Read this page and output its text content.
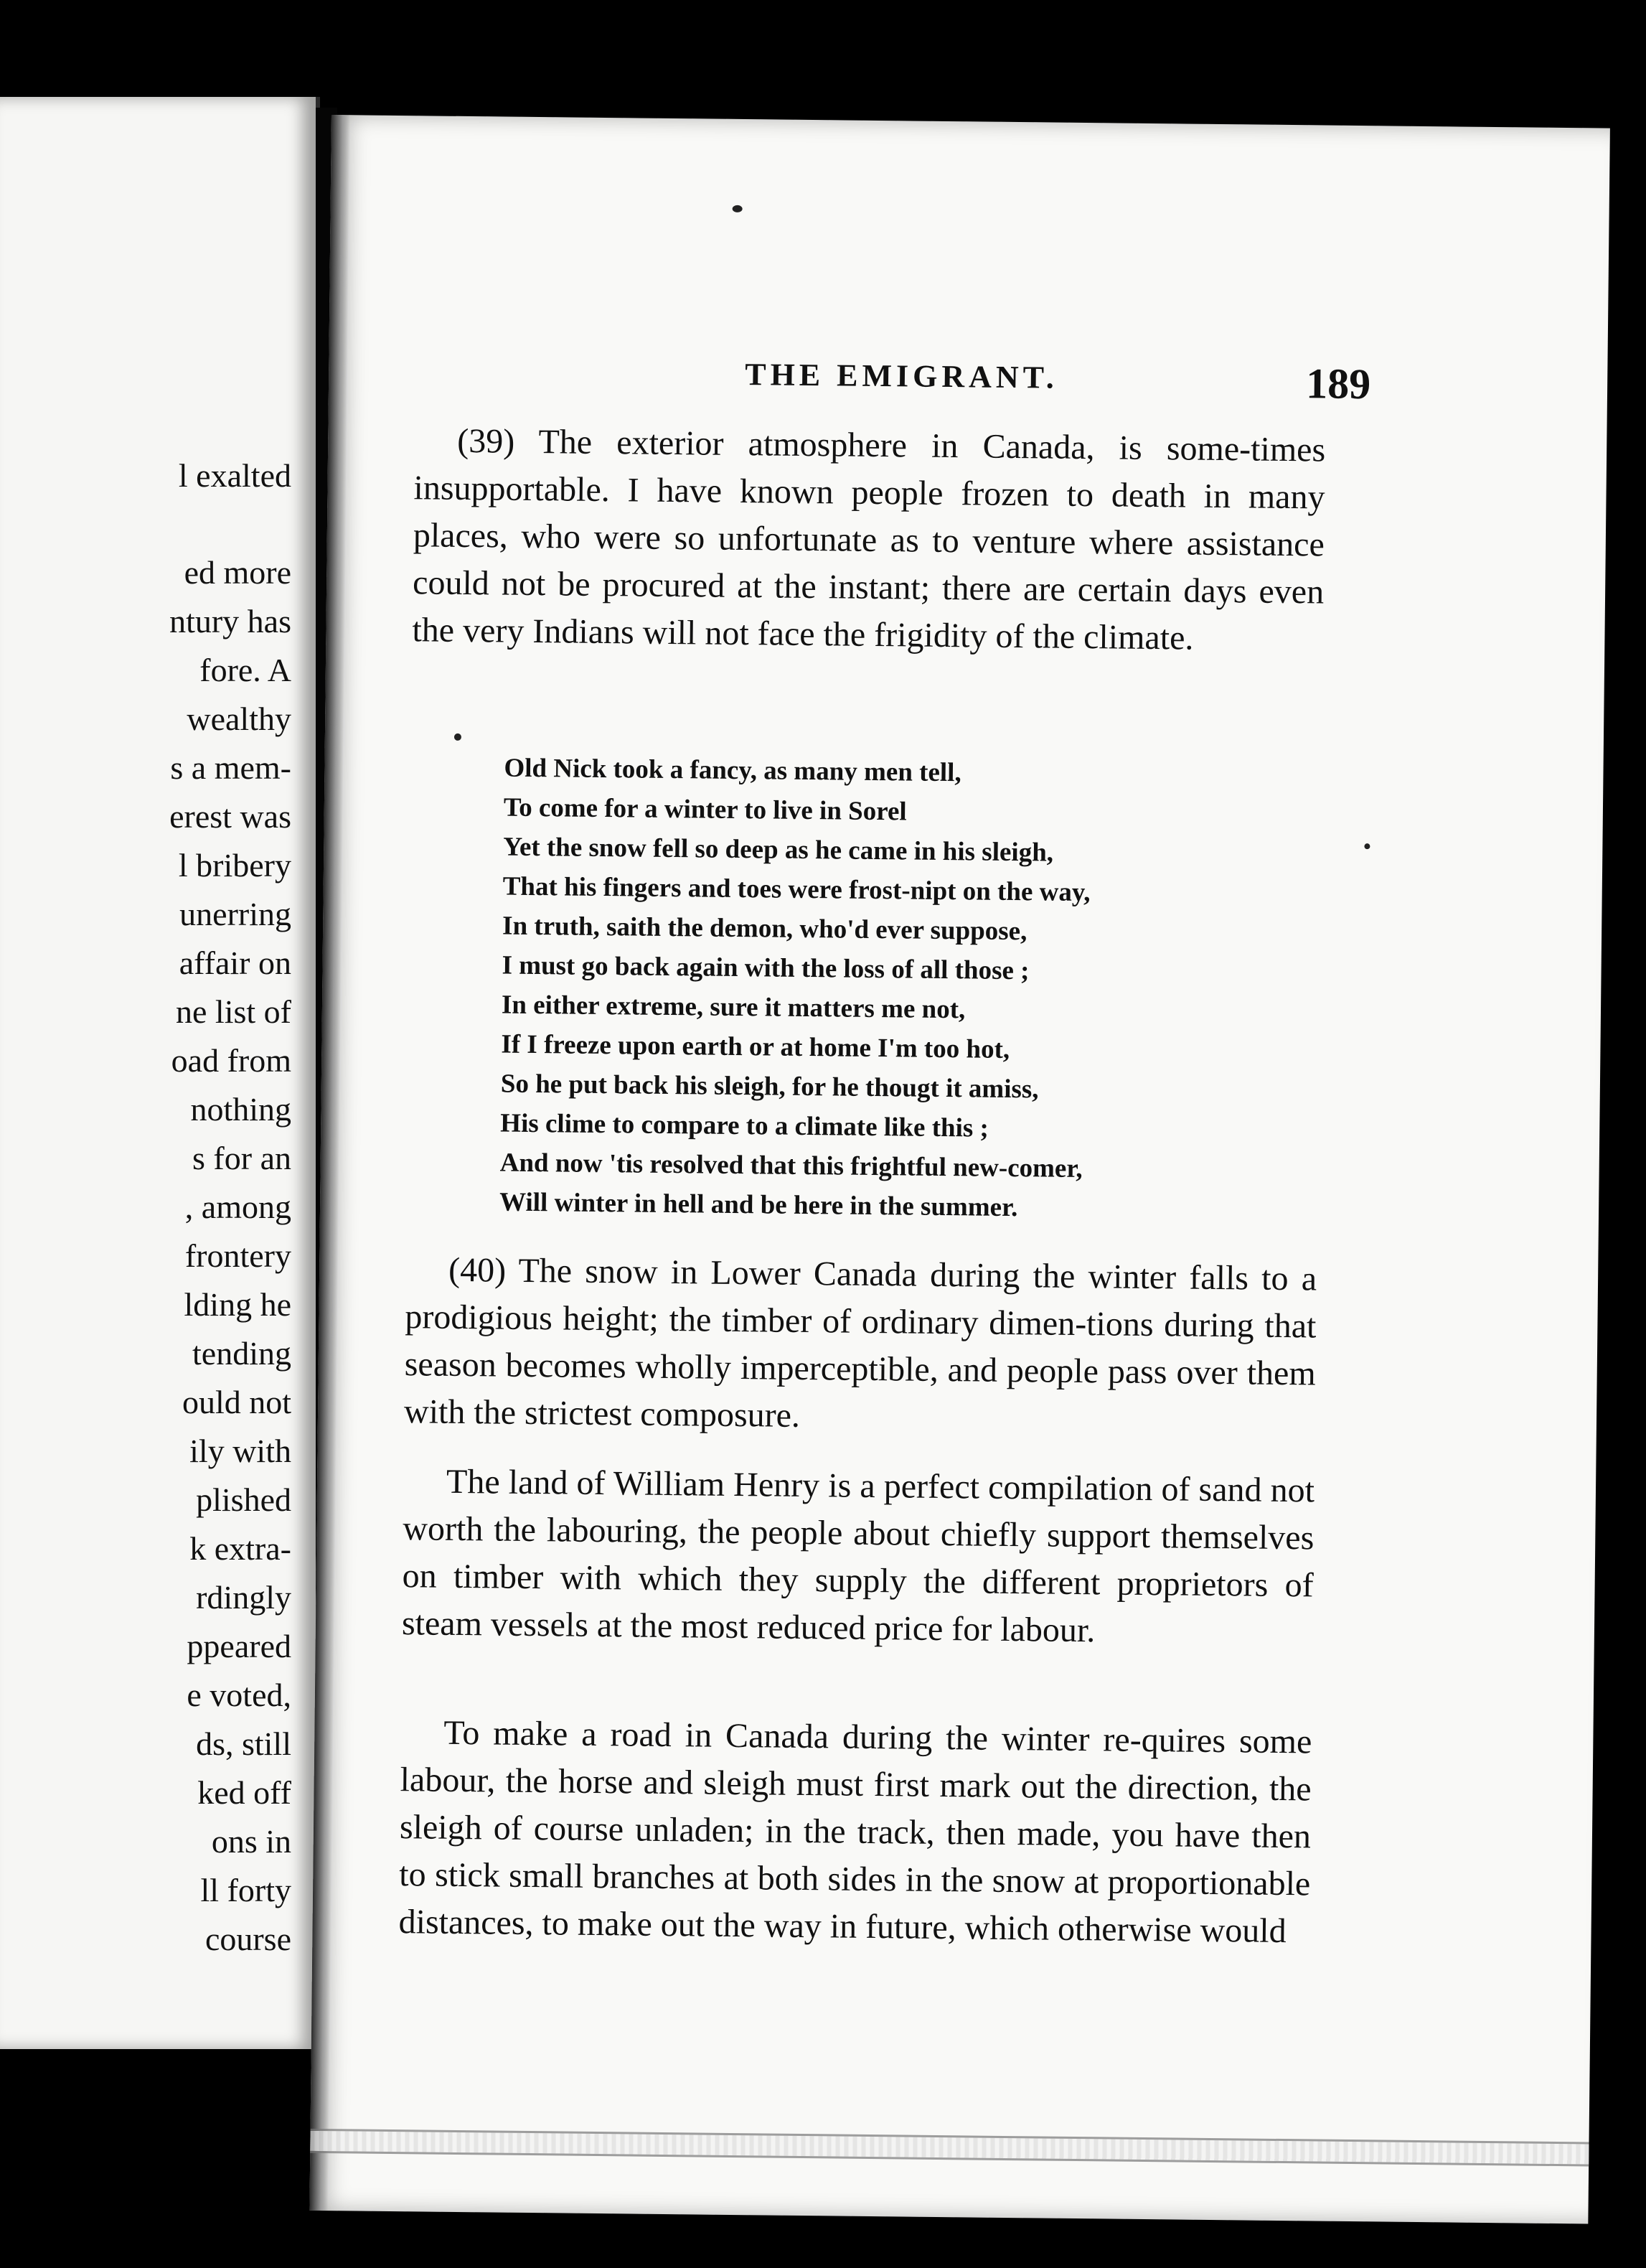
l exalted
ed more
ntury has
fore. A
wealthy
s a mem-
erest was
l bribery
unerring
affair on
ne list of
oad from
nothing
s for an
, among
frontery
lding he
tending
ould not
ily with
plished
k extra-
rdingly
ppeared
e voted,
ds, still
ked off
ons in
ll forty
course
THE EMIGRANT.	189

(39) The exterior atmosphere in Canada, is some-times insupportable. I have known people frozen to death in many places, who were so unfortunate as to venture where assistance could not be procured at the instant; there are certain days even the very Indians will not face the frigidity of the climate.

Old Nick took a fancy, as many men tell,
To come for a winter to live in Sorel
Yet the snow fell so deep as he came in his sleigh,
That his fingers and toes were frost-nipt on the way,
In truth, saith the demon, who'd ever suppose,
I must go back again with the loss of all those ;
In either extreme, sure it matters me not,
If I freeze upon earth or at home I'm too hot,
So he put back his sleigh, for he thougt it amiss,
His clime to compare to a climate like this ;
And now 'tis resolved that this frightful new-comer,
Will winter in hell and be here in the summer.

(40) The snow in Lower Canada during the winter falls to a prodigious height; the timber of ordinary dimen-tions during that season becomes wholly imperceptible, and people pass over them with the strictest composure.

The land of William Henry is a perfect compilation of sand not worth the labouring, the people about chiefly support themselves on timber with which they supply the different proprietors of steam vessels at the most reduced price for labour.

To make a road in Canada during the winter re-quires some labour, the horse and sleigh must first mark out the direction, the sleigh of course unladen; in the track, then made, you have then to stick small branches at both sides in the snow at proportionable distances, to make out the way in future, which otherwise would
